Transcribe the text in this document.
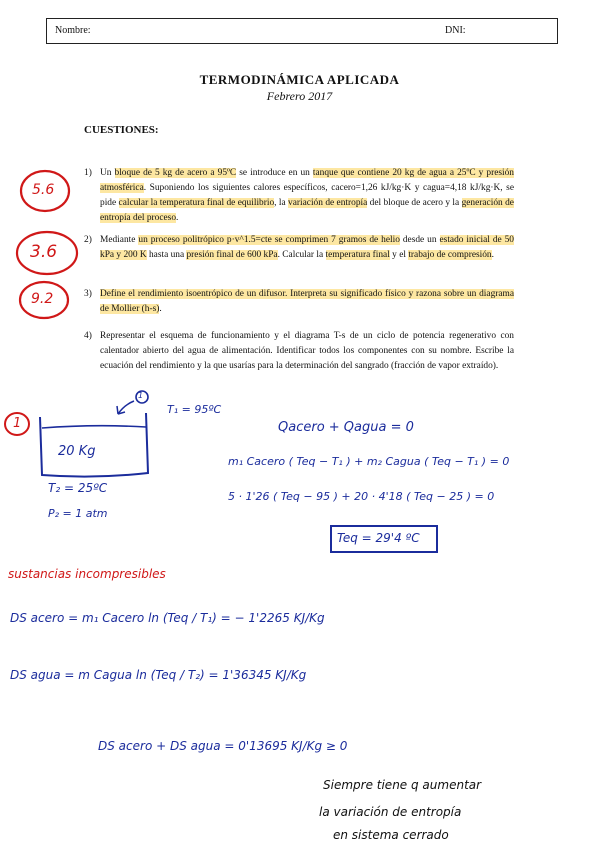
Nombre:	DNI:
TERMODINÁMICA APLICADA
Febrero 2017
CUESTIONES:
1) Un bloque de 5 kg de acero a 95ºC se introduce en un tanque que contiene 20 kg de agua a 25ºC y presión atmosférica. Suponiendo los siguientes calores específicos, cacero=1,26 kJ/kg·K y cagua=4,18 kJ/kg·K, se pide calcular la temperatura final de equilibrio, la variación de entropía del bloque de acero y la generación de entropía del proceso.
2) Mediante un proceso politrópico p·v^1.5=cte se comprimen 7 gramos de helio desde un estado inicial de 50 kPa y 200 K hasta una presión final de 600 kPa. Calcular la temperatura final y el trabajo de compresión.
3) Define el rendimiento isoentrópico de un difusor. Interpreta su significado físico y razona sobre un diagrama de Mollier (h-s).
4) Representar el esquema de funcionamiento y el diagrama T-s de un ciclo de potencia regenerativo con calentador abierto del agua de alimentación. Identificar todos los componentes con su nombre. Escribe la ecuación del rendimiento y la que usarías para la determinación del sangrado (fracción de vapor extraído).
5.6
3.6
9.2
1
1
20 Kg
T₁ = 95ºC
T₂ = 25ºC
P₂ = 1 atm
Qacero + Qagua = 0
m₁ Cacero ( Teq − T₁ ) + m₂ Cagua ( Teq − T₁ ) = 0
5 · 1'26 ( Teq − 95 ) + 20 · 4'18 ( Teq − 25 ) = 0
Teq = 29'4 ºC
sustancias incompresibles
DS acero = m₁ Cacero ln (Teq / T₁) = − 1'2265 KJ/Kg
DS agua = m Cagua ln (Teq / T₂) = 1'36345 KJ/Kg
DS acero + DS agua = 0'13695 KJ/Kg ≥ 0
Siempre tiene q aumentar
la variación de entropía
en sistema cerrado
